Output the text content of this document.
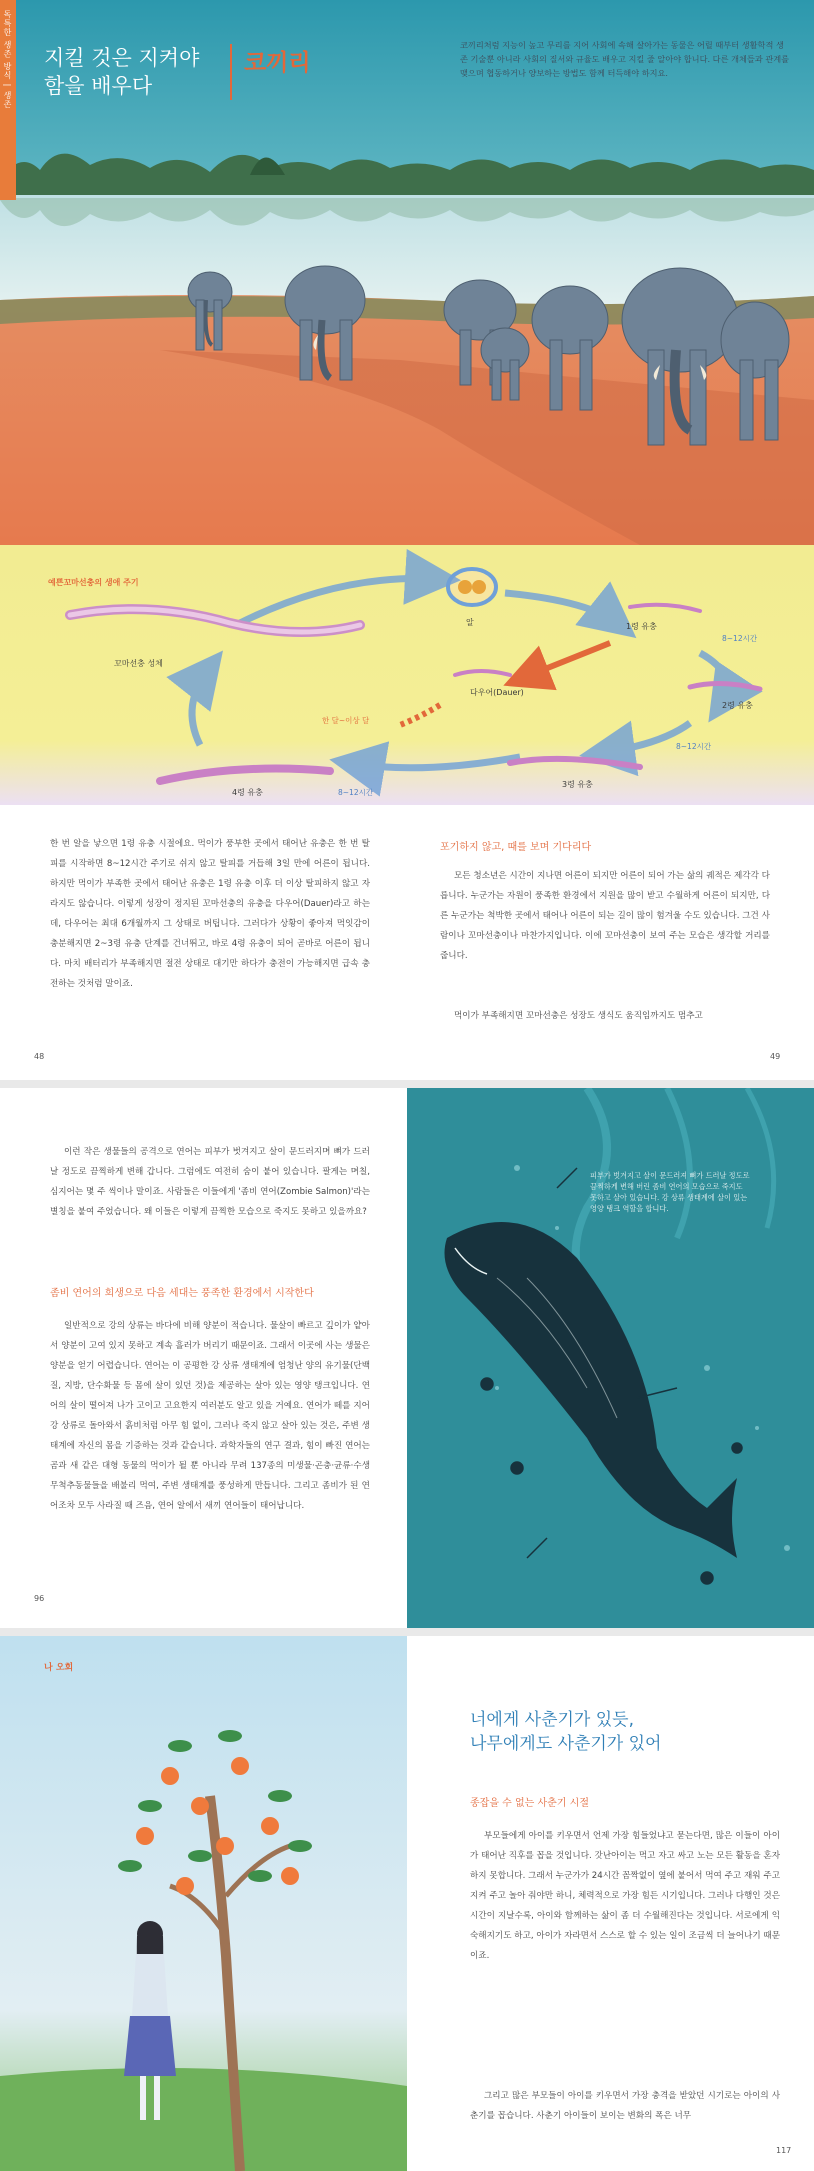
독특한 생존 방식 | 생존 지킬 것은 지켜야
함을 배우다
코끼리
코끼리처럼 지능이 높고 무리를 지어 사회에 속해 살아가는 동물은 어릴 때부터 생활학적 생존 기술뿐 아니라 사회의 질서와 규율도 배우고 지킬 줄 알아야 합니다. 다른 개체들과 관계를 맺으며 협동하거나 양보하는 방법도 함께 터득해야 하지요.
예쁜꼬마선충의 생애 주기
알
꼬마선충 성체
1령 유충
2령 유충
3령 유충
4령 유충
다우어(Dauer)
8~12시간
8~12시간
8~12시간
한 달~이상 달
한 번 알을 낳으면 1령 유충 시절에요. 먹이가 풍부한 곳에서 태어난 유충은 한 번 탈피를 시작하면 8~12시간 주기로 쉬지 않고 탈피를 거듭해 3일 만에 어른이 됩니다. 하지만 먹이가 부족한 곳에서 태어난 유충은 1령 유충 이후 더 이상 탈피하지 않고 자라지도 않습니다. 이렇게 성장이 정지된 꼬마선충의 유충을 다우어(Dauer)라고 하는데, 다우어는 최대 6개월까지 그 상태로 버팁니다. 그러다가 상황이 좋아져 먹잇감이 충분해지면 2~3령 유충 단계를 건너뛰고, 바로 4령 유충이 되어 곧바로 어른이 됩니다. 마치 배터리가 부족해지면 절전 상태로 대기만 하다가 충전이 가능해지면 급속 충전하는 것처럼 말이죠.
포기하지 않고, 때를 보며 기다리다
모든 청소년은 시간이 지나면 어른이 되지만 어른이 되어 가는 삶의 궤적은 제각각 다릅니다. 누군가는 자원이 풍족한 환경에서 지원을 많이 받고 수월하게 어른이 되지만, 다른 누군가는 척박한 곳에서 태어나 어른이 되는 길이 많이 험겨울 수도 있습니다. 그건 사람이나 꼬마선충이나 마찬가지입니다. 이에 꼬마선충이 보여 주는 모습은 생각할 거리를 줍니다.
먹이가 부족해지면 꼬마선충은 성장도 생식도 움직임까지도 멈추고
48	49
이런 작은 생물들의 공격으로 연어는 피부가 벗겨지고 살이 문드러지며 뼈가 드러날 정도로 끔찍하게 변해 갑니다. 그럼에도 여전히 숨이 붙어 있습니다. 팔게는 며칠, 심지어는 몇 주 씩이나 말이죠. 사람들은 이들에게 '좀비 연어(Zombie Salmon)'라는 별칭을 붙여 주었습니다. 왜 이들은 이렇게 끔찍한 모습으로 죽지도 못하고 있을까요?
좀비 연어의 희생으로 다음 세대는 풍족한 환경에서 시작한다
일반적으로 강의 상류는 바다에 비해 양분이 적습니다. 물살이 빠르고 깊이가 얕아서 양분이 고여 있지 못하고 계속 흘러가 버리기 때문이죠. 그래서 이곳에 사는 생물은 양분을 얻기 어렵습니다. 연어는 이 공평한 강 상류 생태계에 엄청난 양의 유기물(단백질, 지방, 단수화물 등 몸에 살이 있던 것)을 제공하는 살아 있는 영양 탱크입니다. 연어의 살이 떨어져 나가 고이고 고요한지 여러분도 알고 있을 거예요. 연어가 떼를 지어 강 상류로 돌아와서 흙비처럼 아무 힘 없이, 그러나 죽지 않고 살아 있는 것은, 주변 생태계에 자신의 몸을 기증하는 것과 같습니다. 과학자들의 연구 결과, 힘이 빠진 연어는 곰과 새 같은 대형 동물의 먹이가 될 뿐 아니라 무려 137종의 미생물·곤충·균류·수생무척추동물들을 배불리 먹여, 주변 생태계를 풍성하게 만듭니다. 그리고 좀비가 된 연어조차 모두 사라질 때 즈음, 연어 알에서 새끼 연어들이 태어납니다.
96
피부가 벗겨지고 살이 문드러져 뼈가 드러날 정도로 끔찍하게 변해 버린 좀비 연어의 모습으로 죽지도 못하고 살아 있습니다. 강 상류 생태계에 살이 있는 영양 탱크 역할을 합니다.
나 오회
너에게 사춘기가 있듯,
나무에게도 사춘기가 있어
종잡을 수 없는 사춘기 시절
부모들에게 아이를 키우면서 언제 가장 힘들었냐고 묻는다면, 많은 이들이 아이가 태어난 직후를 꼽을 것입니다. 갓난아이는 먹고 자고 싸고 노는 모든 활동을 혼자 하지 못합니다. 그래서 누군가가 24시간 꼼짝없이 옆에 붙어서 먹여 주고 재워 주고 지켜 주고 놀아 줘야만 하니, 체력적으로 가장 힘든 시기입니다. 그러나 다행인 것은 시간이 지날수록, 아이와 함께하는 삶이 좀 더 수월해진다는 것입니다. 서로에게 익숙해지기도 하고, 아이가 자라면서 스스로 할 수 있는 일이 조금씩 더 늘어나기 때문이죠.
그리고 많은 부모들이 아이를 키우면서 가장 충격을 받았던 시기로는 아이의 사춘기를 꼽습니다. 사춘기 아이들이 보이는 변화의 폭은 너무
117
